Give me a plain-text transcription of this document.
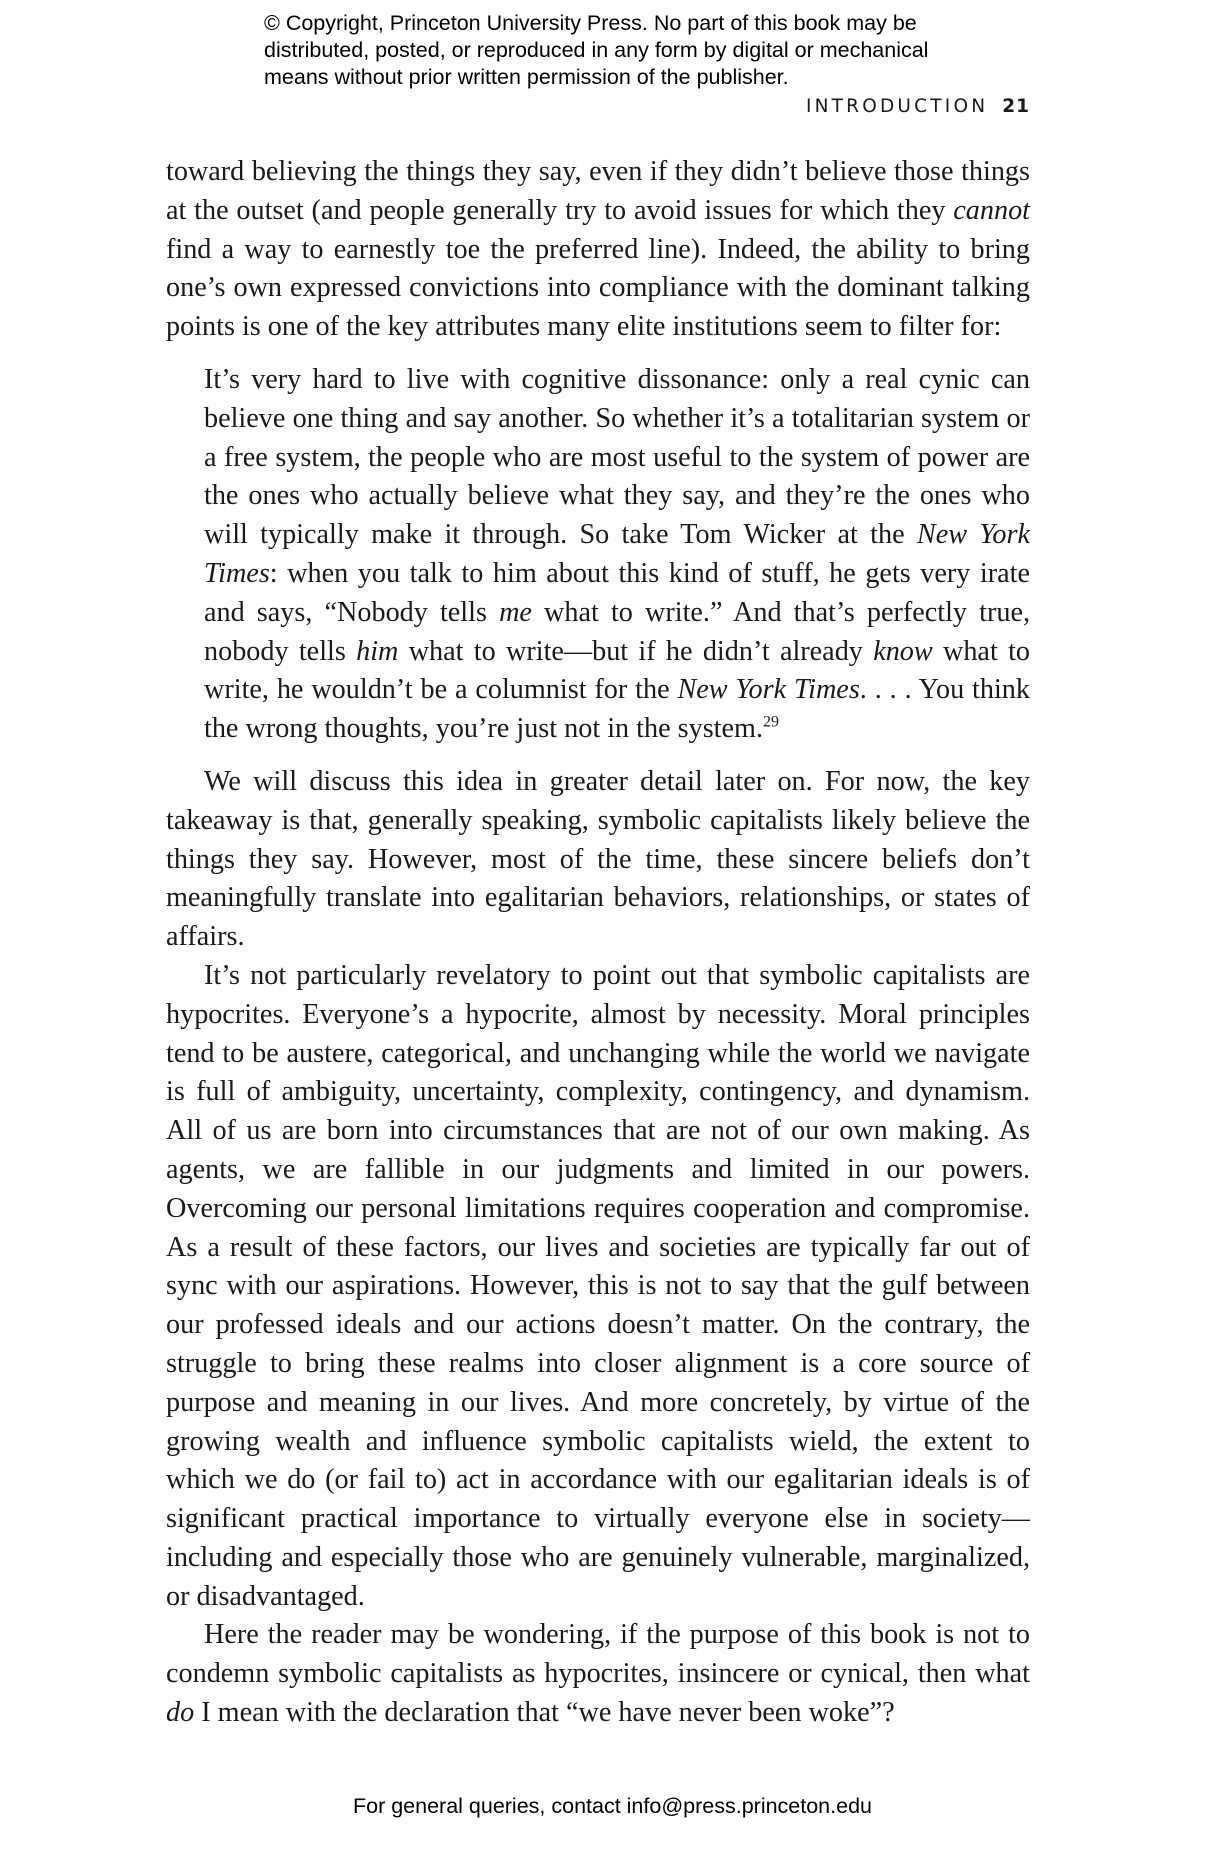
© Copyright, Princeton University Press. No part of this book may be
distributed, posted, or reproduced in any form by digital or mechanical
means without prior written permission of the publisher.
INTRODUCTION 21

toward believing the things they say, even if they didn’t believe those things at the outset (and people generally try to avoid issues for which they cannot find a way to earnestly toe the preferred line). Indeed, the ability to bring one’s own expressed convictions into compliance with the dominant talking points is one of the key attributes many elite institutions seem to filter for:

It’s very hard to live with cognitive dissonance: only a real cynic can believe one thing and say another. So whether it’s a totalitarian system or a free system, the people who are most useful to the system of power are the ones who actually believe what they say, and they’re the ones who will typically make it through. So take Tom Wicker at the New York Times: when you talk to him about this kind of stuff, he gets very irate and says, “Nobody tells me what to write.” And that’s perfectly true, nobody tells him what to write—but if he didn’t already know what to write, he wouldn’t be a columnist for the New York Times. . . . You think the wrong thoughts, you’re just not in the system.$^{29}$

We will discuss this idea in greater detail later on. For now, the key takeaway is that, generally speaking, symbolic capitalists likely believe the things they say. However, most of the time, these sincere beliefs don’t meaningfully translate into egalitarian behaviors, relationships, or states of affairs.

It’s not particularly revelatory to point out that symbolic capitalists are hypocrites. Everyone’s a hypocrite, almost by necessity. Moral principles tend to be austere, categorical, and unchanging while the world we navigate is full of ambiguity, uncertainty, complexity, contingency, and dynamism. All of us are born into circumstances that are not of our own making. As agents, we are fallible in our judgments and limited in our powers. Overcoming our personal limitations requires cooperation and compromise. As a result of these factors, our lives and societies are typically far out of sync with our aspirations. However, this is not to say that the gulf between our professed ideals and our actions doesn’t matter. On the contrary, the struggle to bring these realms into closer alignment is a core source of purpose and meaning in our lives. And more concretely, by virtue of the growing wealth and influence symbolic capitalists wield, the extent to which we do (or fail to) act in accordance with our egalitarian ideals is of significant practical importance to virtually everyone else in society—including and especially those who are genuinely vulnerable, marginalized, or disadvantaged.

Here the reader may be wondering, if the purpose of this book is not to condemn symbolic capitalists as hypocrites, insincere or cynical, then what do I mean with the declaration that “we have never been woke”?

For general queries, contact info@press.princeton.edu
